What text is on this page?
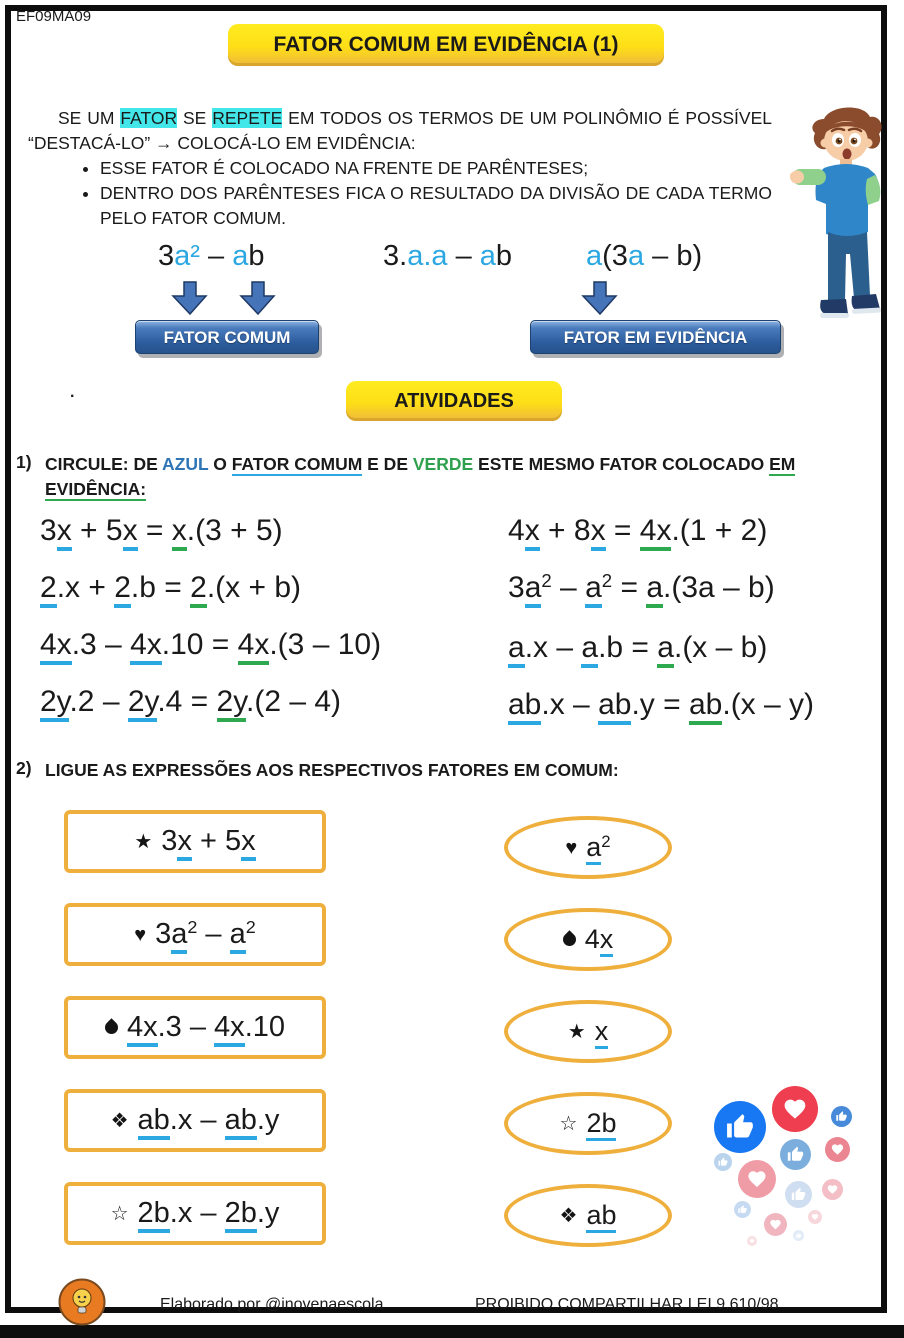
EF09MA09
FATOR COMUM EM EVIDÊNCIA (1)

SE UM FATOR SE REPETE EM TODOS OS TERMOS DE UM POLINÔMIO É POSSÍVEL “DESTACÁ-LO” → COLOCÁ-LO EM EVIDÊNCIA:

• ESSE FATOR É COLOCADO NA FRENTE DE PARÊNTESES;
• DENTRO DOS PARÊNTESES FICA O RESULTADO DA DIVISÃO DE CADA TERMO PELO FATOR COMUM.
3a² – ab	3.a.a – ab	a(3a – b)
FATOR COMUM	FATOR EM EVIDÊNCIA
.	ATIVIDADES
1) CIRCULE: DE AZUL O FATOR COMUM E DE VERDE ESTE MESMO FATOR COLOCADO EM EVIDÊNCIA:
3x + 5x = x.(3 + 5)
2.x + 2.b = 2.(x + b)
4x.3 – 4x.10 = 4x.(3 – 10)
2y.2 – 2y.4 = 2y.(2 – 4)
4x + 8x = 4x.(1 + 2)
$3a^2 - a^2 = a.(3a - b)$
a.x – a.b = a.(x – b)
ab.x – ab.y = ab.(x – y)
2) LIGUE AS EXPRESSÕES AOS RESPECTIVOS FATORES EM COMUM:
★ 3x + 5x
♥ $3a^2 - a^2$
4x.3 – 4x.10
❖ ab.x – ab.y
☆ 2b.x – 2b.y
♥ $a^2$
4x
★ x
☆ 2b
❖ ab
Elaborado por @inovenaescola	PROIBIDO COMPARTILHAR LEI 9.610/98
